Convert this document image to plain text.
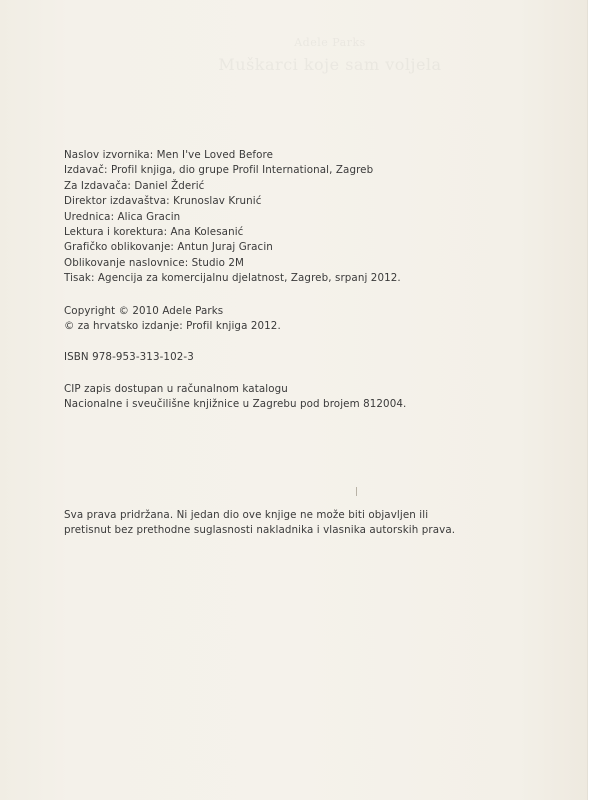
Adele Parks
Muškarci koje sam voljela

Naslov izvornika: Men I've Loved Before

Izdavač: Profil knjiga, dio grupe Profil International, Zagreb

Za Izdavača: Daniel Žderić

Direktor izdavaštva: Krunoslav Krunić

Urednica: Alica Gracin

Lektura i korektura: Ana Kolesanić

Grafičko oblikovanje: Antun Juraj Gracin

Oblikovanje naslovnice: Studio 2M

Tisak: Agencija za komercijalnu djelatnost, Zagreb, srpanj 2012.

Copyright © 2010 Adele Parks

© za hrvatsko izdanje: Profil knjiga 2012.

ISBN 978-953-313-102-3

CIP zapis dostupan u računalnom katalogu

Nacionalne i sveučilišne knjižnice u Zagrebu pod brojem 812004.

Sva prava pridržana. Ni jedan dio ove knjige ne može biti objavljen ili

pretisnut bez prethodne suglasnosti nakladnika i vlasnika autorskih prava.
